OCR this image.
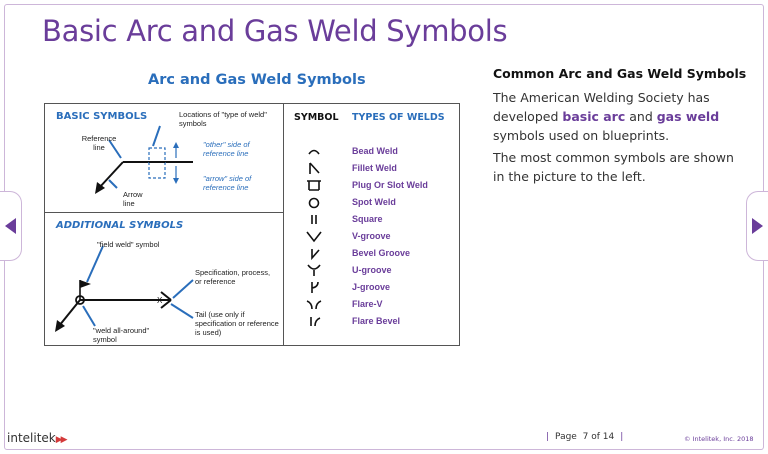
Basic Arc and Gas Weld Symbols
Arc and Gas Weld Symbols
X
BASIC SYMBOLS	Locations of "type of weld" symbols
Reference line
Arrow line
"other" side of reference line
"arrow" side of reference line
ADDITIONAL SYMBOLS
"field weld" symbol
Specification, process, or reference
Tail (use only if specification or reference is used)
"weld all-around" symbol
SYMBOL TYPES OF WELDS
Bead Weld
Fillet Weld
Plug Or Slot Weld
Spot Weld
Square
V-groove
Bevel Groove
U-groove
J-groove
Flare-V
Flare Bevel
Common Arc and Gas Weld Symbols

The American Welding Society has developed basic arc and gas weld symbols used on blueprints.

The most common symbols are shown in the picture to the left.

intelitek▶▶	| Page 7 of 14 |	© Intelitek, Inc. 2018
